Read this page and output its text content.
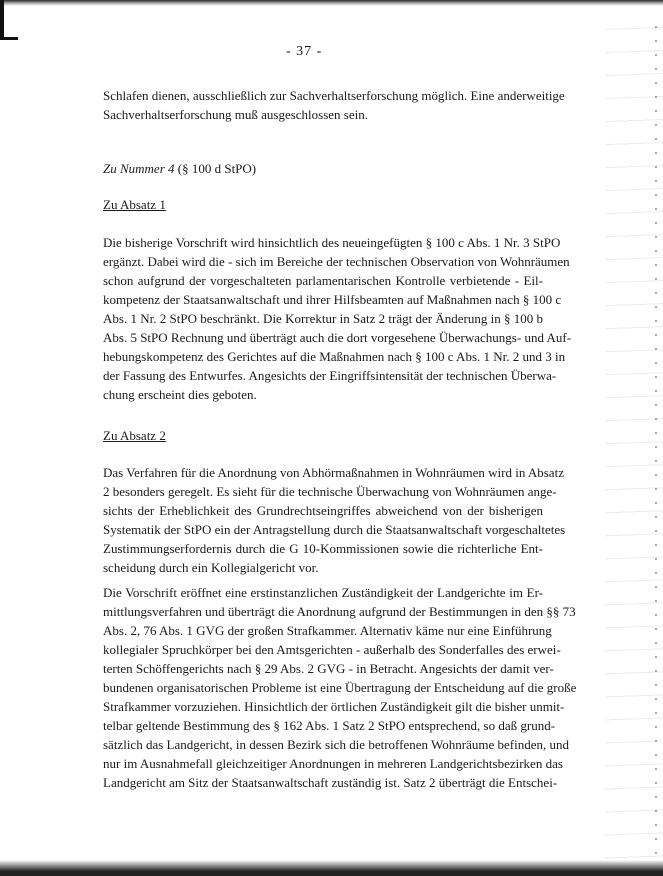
- 37 -

Schlafen dienen, ausschließlich zur Sachverhaltserforschung möglich. Eine anderweitige
Sachverhaltserforschung muß ausgeschlossen sein.

Zu Nummer 4 (§ 100 d StPO)

Zu Absatz 1

Die bisherige Vorschrift wird hinsichtlich des neueingefügten § 100 c Abs. 1 Nr. 3 StPO
ergänzt. Dabei wird die - sich im Bereiche der technischen Observation von Wohnräumen
schon aufgrund der vorgeschalteten parlamentarischen Kontrolle verbietende - Eil-
kompetenz der Staatsanwaltschaft und ihrer Hilfsbeamten auf Maßnahmen nach § 100 c
Abs. 1 Nr. 2 StPO beschränkt. Die Korrektur in Satz 2 trägt der Änderung in § 100 b
Abs. 5 StPO Rechnung und überträgt auch die dort vorgesehene Überwachungs- und Auf-
hebungskompetenz des Gerichtes auf die Maßnahmen nach § 100 c Abs. 1 Nr. 2 und 3 in
der Fassung des Entwurfes. Angesichts der Eingriffsintensität der technischen Überwa-
chung erscheint dies geboten.

Zu Absatz 2

Das Verfahren für die Anordnung von Abhörmaßnahmen in Wohnräumen wird in Absatz
2 besonders geregelt. Es sieht für die technische Überwachung von Wohnräumen ange-
sichts der Erheblichkeit des Grundrechtseingriffes abweichend von der bisherigen
Systematik der StPO ein der Antragstellung durch die Staatsanwaltschaft vorgeschaltetes
Zustimmungserfordernis durch die G 10-Kommissionen sowie die richterliche Ent-
scheidung durch ein Kollegialgericht vor.

Die Vorschrift eröffnet eine erstinstanzlichen Zuständigkeit der Landgerichte im Er-
mittlungsverfahren und überträgt die Anordnung aufgrund der Bestimmungen in den §§ 73
Abs. 2, 76 Abs. 1 GVG der großen Strafkammer. Alternativ käme nur eine Einführung
kollegialer Spruchkörper bei den Amtsgerichten - außerhalb des Sonderfalles des erwei-
terten Schöffengerichts nach § 29 Abs. 2 GVG - in Betracht. Angesichts der damit ver-
bundenen organisatorischen Probleme ist eine Übertragung der Entscheidung auf die große
Strafkammer vorzuziehen. Hinsichtlich der örtlichen Zuständigkeit gilt die bisher unmit-
telbar geltende Bestimmung des § 162 Abs. 1 Satz 2 StPO entsprechend, so daß grund-
sätzlich das Landgericht, in dessen Bezirk sich die betroffenen Wohnräume befinden, und
nur im Ausnahmefall gleichzeitiger Anordnungen in mehreren Landgerichtsbezirken das
Landgericht am Sitz der Staatsanwaltschaft zuständig ist. Satz 2 überträgt die Entschei-
